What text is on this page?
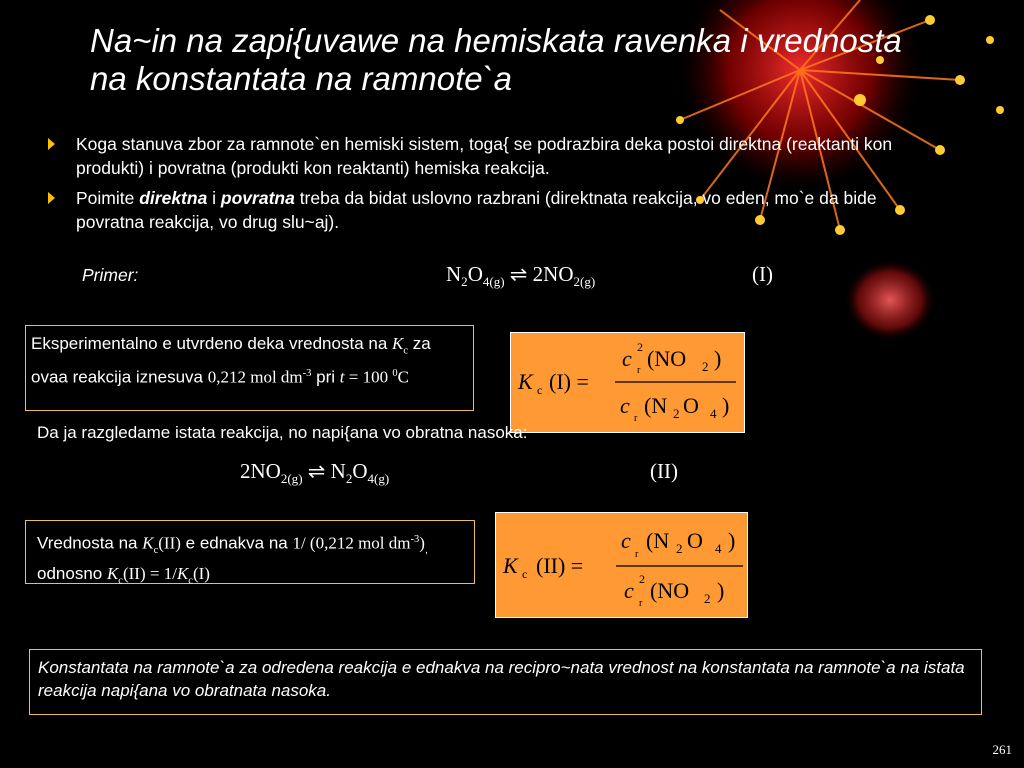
Na~in na zapi{uvawe na hemiskata ravenka i vrednosta na konstantata na ramnote`a
Koga stanuva zbor za ramnote`en hemiski sistem, toga{ se podrazbira deka postoi direktna (reaktanti kon produkti) i povratna (produkti kon reaktanti) hemiska reakcija.
Poimite direktna i povratna treba da bidat uslovno razbrani (direktnata reakcija, vo eden, mo`e da bide povratna reakcija, vo drug slu~aj).
Primer:	$N_2O_{4(g)}$ ⇌ $2NO_{2(g)}$	(I)
Eksperimentalno e utvrdeno deka vrednosta na $K_c$ za ovaa reakcija iznesuva 0,212 mol $dm^{-3}$ pri t = 100 $^0$C	K c (I) =
c 2
r (NO 2 )
c
r
(N 2 O 4 )
Da ja razgledame istata reakcija, no napi{ana vo obratna nasoka:
$2NO_{2(g)}$ ⇌ $N_2O_{4(g)}$	(II)
Vrednosta na $K_c(II)$ e ednakva na 1/ (0,212 mol $dm^{-3})_,$ odnosno $K_c(II) = 1/K_c(I)$	K c (II) =
c
r
(N 2 O 4 )
c 2
r
(NO 2 )
Konstantata na ramnote`a za odredena reakcija e ednakva na recipro~nata vrednost na konstantata na ramnote`a na istata reakcija napi{ana vo obratnata nasoka.
261
